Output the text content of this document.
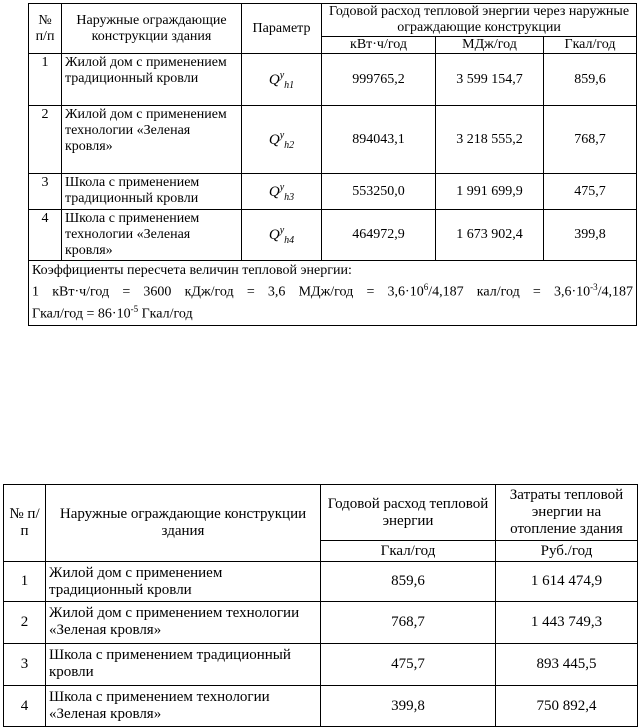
№ п/п	Наружные ограждающие конструкции здания	Параметр	Годовой расход тепловой энергии через наружные ограждающие конструкции		
			кВт·ч/год	МДж/год	Гкал/год
1	Жилой дом с применением традиционный кровли	$Q^y_{h1}$	999765,2	3 599 154,7	859,6
2	Жилой дом с применением технологии «Зеленая кровля»	$Q^y_{h2}$	894043,1	3 218 555,2	768,7
3	Школа с применением традиционный кровли	$Q^y_{h3}$	553250,0	1 991 699,9	475,7
4	Школа с применением технологии «Зеленая кровля»	$Q^y_{h4}$	464972,9	1 673 902,4	399,8

Коэффициенты пересчета величин тепловой энергии:
1 кВт·ч/год = 3600 кДж/год = 3,6 $МДж/год = 3,6\cdot 10^6/4,187$ $кал/год = 3,6\cdot 10^{-3}/4,187$
Гкал/год = $86\cdot 10^{-5}$ Гкал/год					
№ п/п	Наружные ограждающие конструкции здания	Годовой расход тепловой энергии	Затраты тепловой энергии на отопление здания
		Гкал/год	Руб./год
1	Жилой дом с применением традиционный кровли	859,6	1 614 474,9
2	Жилой дом с применением технологии «Зеленая кровля»	768,7	1 443 749,3
3	Школа с применением традиционный кровли	475,7	893 445,5
4	Школа с применением технологии «Зеленая кровля»	399,8	750 892,4
